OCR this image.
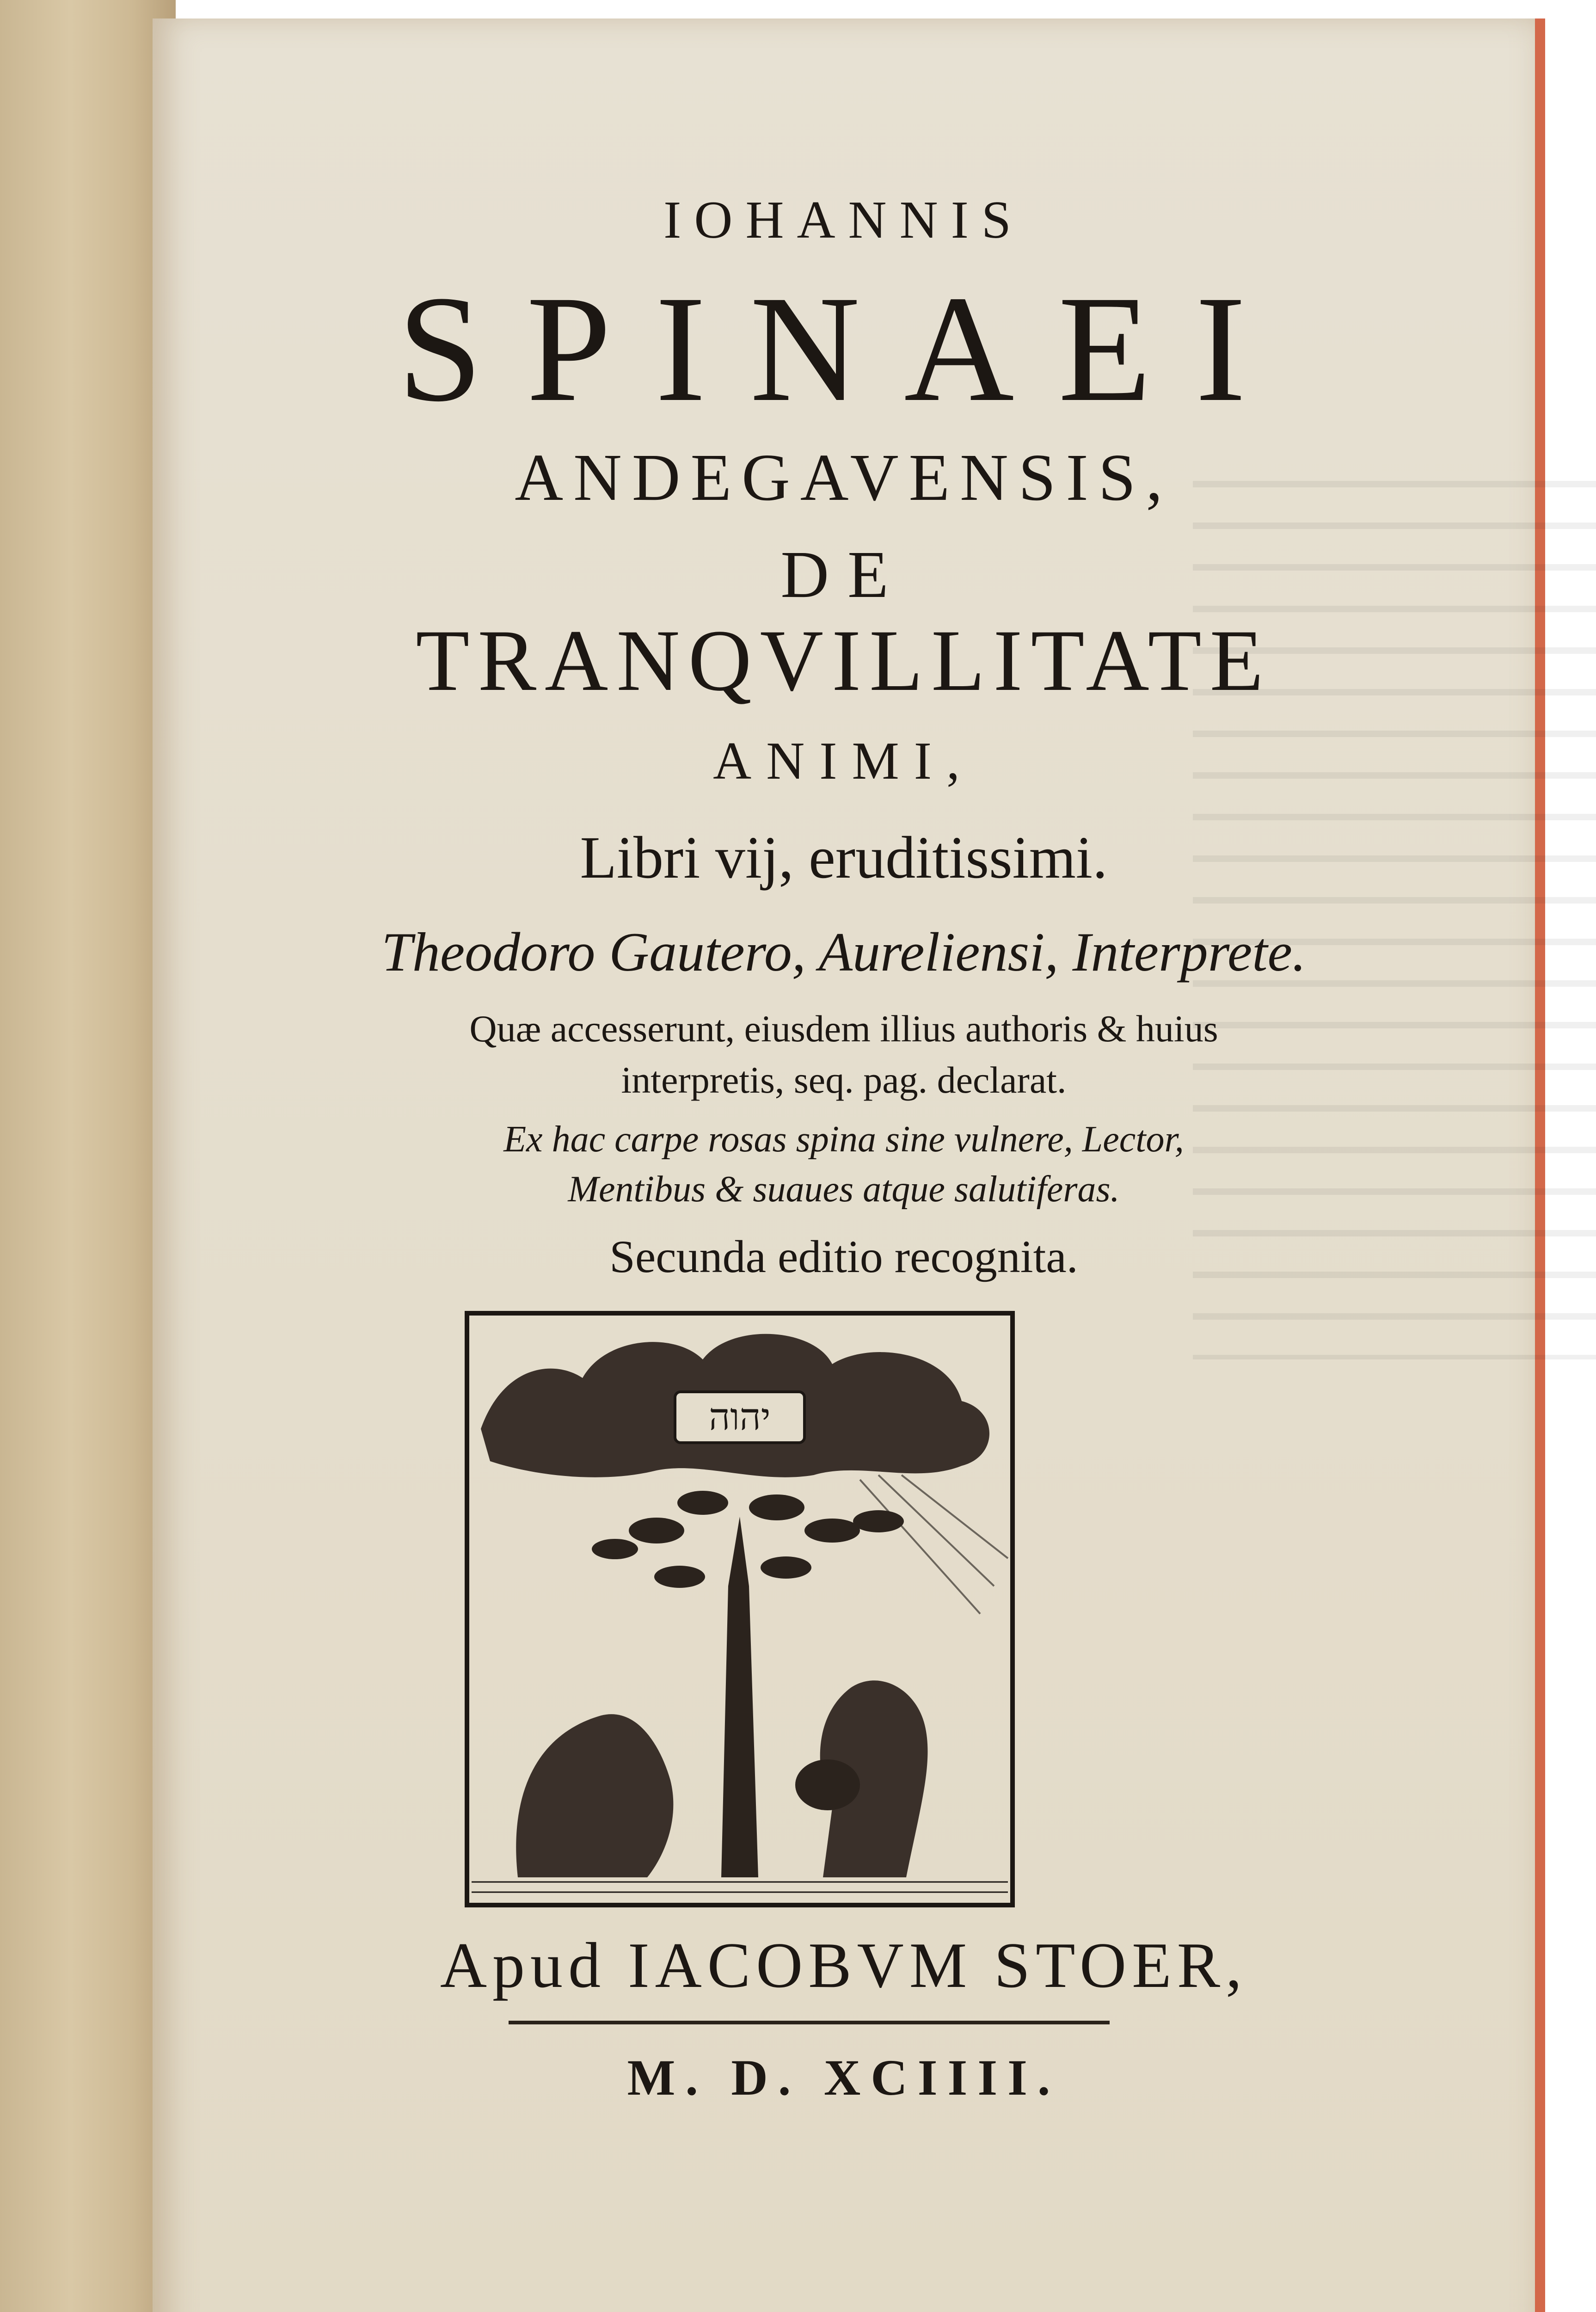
IOHANNIS

SPINAEI

ANDEGAVENSIS,

DE

TRANQVILLITATE

ANIMI,

Libri vij, eruditissimi.

Theodoro Gautero, Aureliensi, Interprete.

Quæ accesserunt, eiusdem illius authoris & huius
interpretis, seq. pag. declarat.
Ex hac carpe rosas spina sine vulnere, Lector,
Mentibus & suaues atque salutiferas.

Secunda editio recognita.

יהוה

Apud IACOBVM STOER,

M. D. XCIIII.
